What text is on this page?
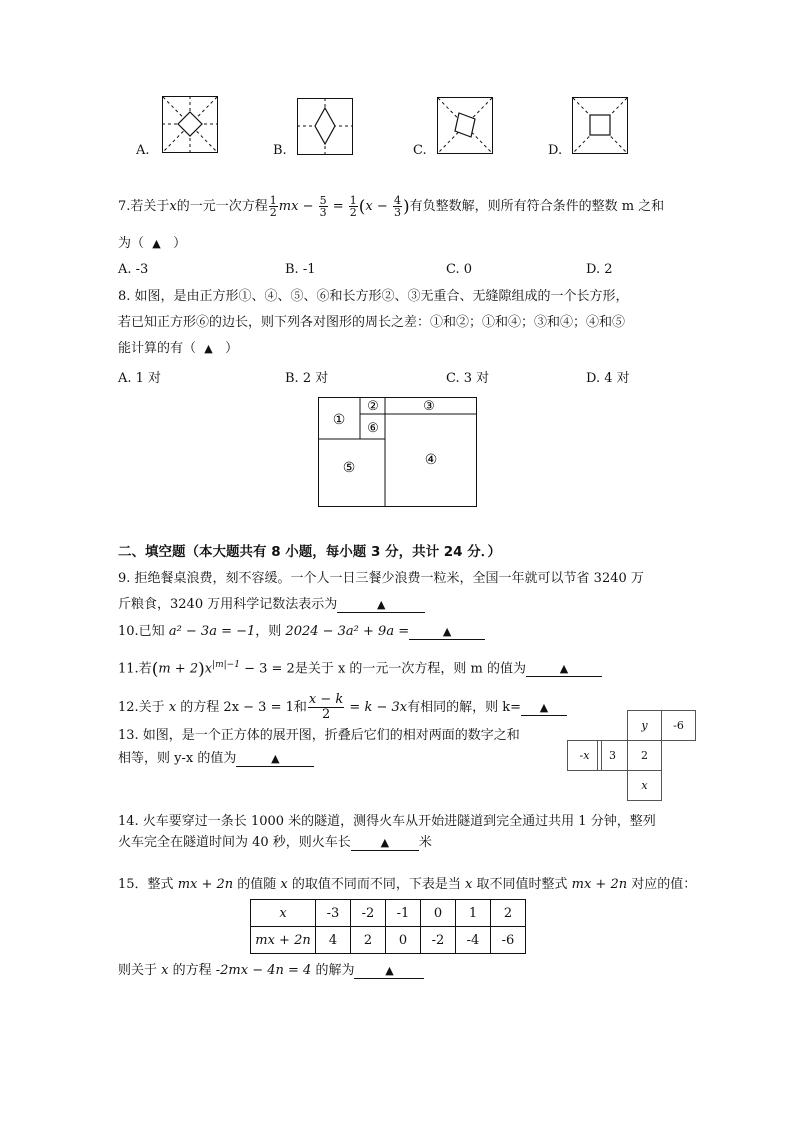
A.	B.	C.	D.
7.若关于x的一元一次方程 $\frac{1}{2}$ mx − $\frac{5}{3} = \frac{1}{2} (x - \frac{4}{3}$ )有负整数解，则所有符合条件的整数 m 之和
为（ ▲ ）
A. -3	B. -1	C. 0	D. 2
8. 如图，是由正方形①、④、⑤、⑥和长方形②、③无重合、无缝隙组成的一个长方形，
若已知正方形⑥的边长，则下列各对图形的周长之差：①和②；①和④；③和④；④和⑤
能计算的有（ ▲ ）
A. 1 对	B. 2 对	C. 3 对	D. 4 对
①
②	③
⑥
⑤	④
二、填空题（本大题共有 8 小题，每小题 3 分，共计 24 分．）
9. 拒绝餐桌浪费，刻不容缓。一个人一日三餐少浪费一粒米，全国一年就可以节省 3240 万
斤粮食，3240 万用科学记数法表示为	▲
10.已知 a² − 3a = −1，则 2024 − 3a² + 9a =	▲
11.若$(m + 2)x^{|m|-1} - 3 = 2$是关于 x 的一元一次方程，则 m 的值为	▲
12.关于 x 的方程 2x − 3 = 1和 $\frac{x - k}{2} = k - 3x$有相同的解，则 k= ▲
13. 如图，是一个正方体的展开图，折叠后它们的相对两面的数字之和
相等，则 y-x 的值为	▲
y	-6
-x	3	2
x
14. 火车要穿过一条长 1000 米的隧道，测得火车从开始进隧道到完全通过共用 1 分钟，整列
火车完全在隧道时间为 40 秒，则火车长	▲ 米
15．整式 mx + 2n 的值随 x 的取值不同而不同，下表是当 x 取不同值时整式 mx + 2n 对应的值：
x	-3	-2	-1	0	1	2
mx + 2n	4	2	0	-2	-4	-6
则关于 x 的方程 -2mx − 4n = 4 的解为	▲
